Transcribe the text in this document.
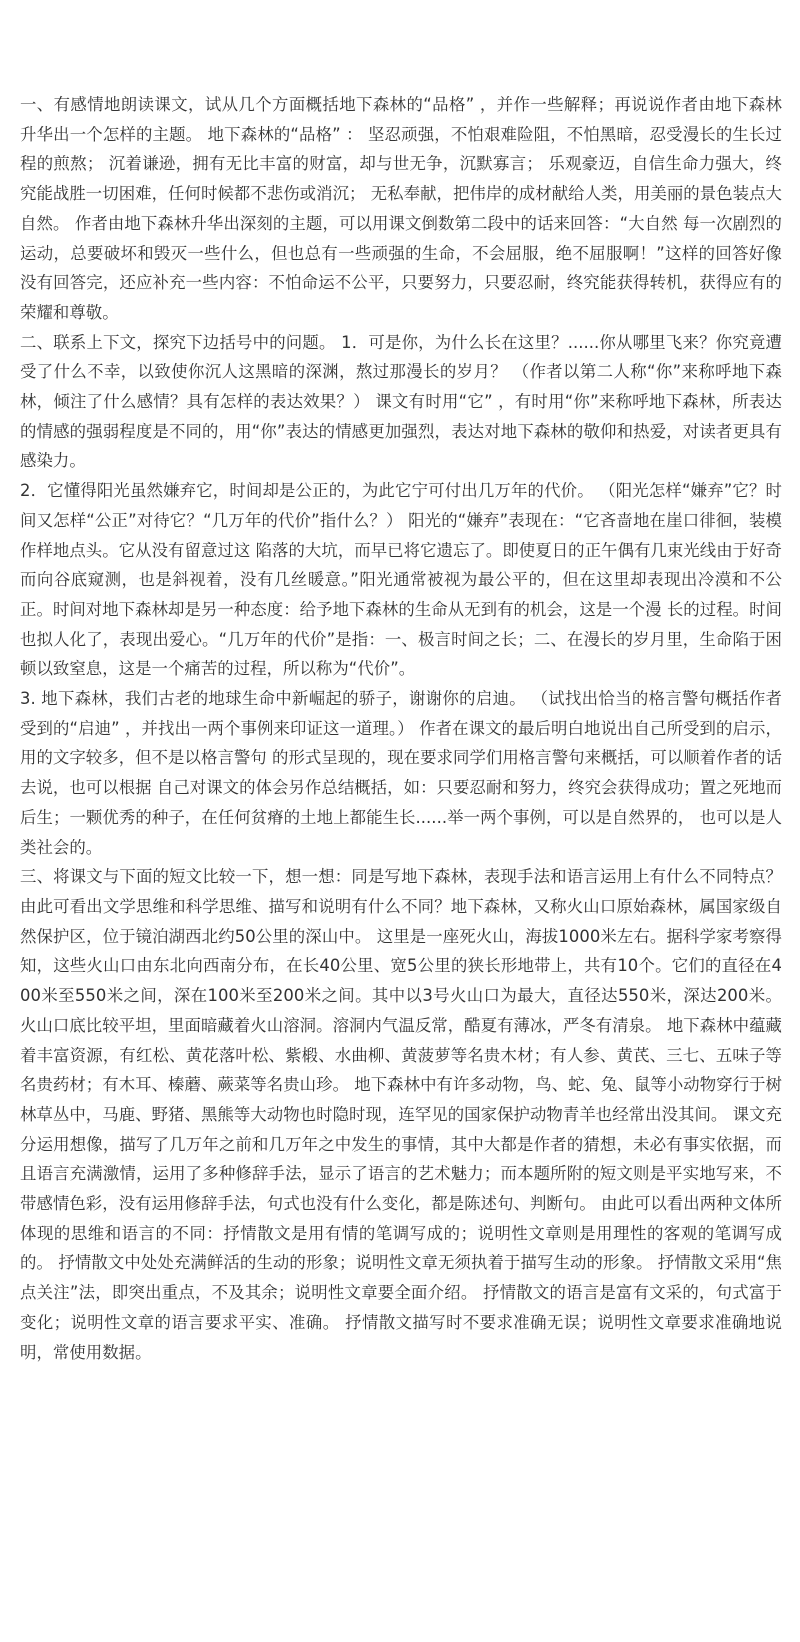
一、有感情地朗读课文，试从几个方面概括地下森林的“品格” ，并作一些解释；再说说作者由地下森林升华出一个怎样的主题。 地下森林的“品格” ： 坚忍顽强，不怕艰难险阻，不怕黑暗，忍受漫长的生长过程的煎熬； 沉着谦逊，拥有无比丰富的财富，却与世无争，沉默寡言； 乐观豪迈，自信生命力强大，终究能战胜一切困难，任何时候都不悲伤或消沉； 无私奉献，把伟岸的成材献给人类，用美丽的景色装点大自然。 作者由地下森林升华出深刻的主题，可以用课文倒数第二段中的话来回答：“大自然 每一次剧烈的运动，总要破坏和毁灭一些什么，但也总有一些顽强的生命，不会屈服，绝不屈服啊！”这样的回答好像没有回答完，还应补充一些内容：不怕命运不公平，只要努力，只要忍耐，终究能获得转机，获得应有的荣耀和尊敬。

二、联系上下文，探究下边括号中的问题。 1．可是你，为什么长在这里？......你从哪里飞来？你究竟遭受了什么不幸，以致使你沉人这黑暗的深渊，熬过那漫长的岁月？ （作者以第二人称“你”来称呼地下森林，倾注了什么感情？具有怎样的表达效果？） 课文有时用“它” ，有时用“你”来称呼地下森林，所表达的情感的强弱程度是不同的，用“你”表达的情感更加强烈，表达对地下森林的敬仰和热爱，对读者更具有感染力。

2．它懂得阳光虽然嫌弃它，时间却是公正的，为此它宁可付出几万年的代价。 （阳光怎样“嫌弃”它？时间又怎样“公正”对待它？“几万年的代价”指什么？） 阳光的“嫌弃”表现在：“它吝啬地在崖口徘徊，装模作样地点头。它从没有留意过这 陷落的大坑，而早已将它遗忘了。即使夏日的正午偶有几束光线由于好奇而向谷底窥测，也是斜视着，没有几丝暖意。”阳光通常被视为最公平的，但在这里却表现出冷漠和不公正。时间对地下森林却是另一种态度：给予地下森林的生命从无到有的机会，这是一个漫 长的过程。时间也拟人化了，表现出爱心。“几万年的代价”是指：一、极言时间之长；二、在漫长的岁月里，生命陷于困顿以致窒息，这是一个痛苦的过程，所以称为“代价”。

3. 地下森林，我们古老的地球生命中新崛起的骄子，谢谢你的启迪。 （试找出恰当的格言警句概括作者受到的“启迪” ，并找出一两个事例来印证这一道理。） 作者在课文的最后明白地说出自己所受到的启示，用的文字较多，但不是以格言警句 的形式呈现的，现在要求同学们用格言警句来概括，可以顺着作者的话去说，也可以根据 自己对课文的体会另作总结概括，如：只要忍耐和努力，终究会获得成功；置之死地而后生；一颗优秀的种子，在任何贫瘠的土地上都能生长......举一两个事例，可以是自然界的， 也可以是人类社会的。

三、将课文与下面的短文比较一下，想一想：同是写地下森林，表现手法和语言运用上有什么不同特点？由此可看出文学思维和科学思维、描写和说明有什么不同？地下森林，又称火山口原始森林，属国家级自然保护区，位于镜泊湖西北约50公里的深山中。 这里是一座死火山，海拔1000米左右。据科学家考察得知，这些火山口由东北向西南分布，在长40公里、宽5公里的狭长形地带上，共有10个。它们的直径在400米至550米之间，深在100米至200米之间。其中以3号火山口为最大，直径达550米，深达200米。火山口底比较平坦，里面暗藏着火山溶洞。溶洞内气温反常，酷夏有薄冰，严冬有清泉。 地下森林中蕴藏着丰富资源，有红松、黄花落叶松、紫椴、水曲柳、黄菠萝等名贵木材；有人参、黄芪、三七、五味子等名贵药材；有木耳、榛蘑、蕨菜等名贵山珍。 地下森林中有许多动物，鸟、蛇、兔、鼠等小动物穿行于树林草丛中，马鹿、野猪、黑熊等大动物也时隐时现，连罕见的国家保护动物青羊也经常出没其间。 课文充分运用想像，描写了几万年之前和几万年之中发生的事情，其中大都是作者的猜想，未必有事实依据，而且语言充满激情，运用了多种修辞手法，显示了语言的艺术魅力；而本题所附的短文则是平实地写来，不带感情色彩，没有运用修辞手法，句式也没有什么变化，都是陈述句、判断句。 由此可以看出两种文体所体现的思维和语言的不同：抒情散文是用有情的笔调写成的；说明性文章则是用理性的客观的笔调写成的。 抒情散文中处处充满鲜活的生动的形象；说明性文章无须执着于描写生动的形象。 抒情散文采用“焦点关注”法，即突出重点，不及其余；说明性文章要全面介绍。 抒情散文的语言是富有文采的，句式富于变化；说明性文章的语言要求平实、准确。 抒情散文描写时不要求准确无误；说明性文章要求准确地说明，常使用数据。
